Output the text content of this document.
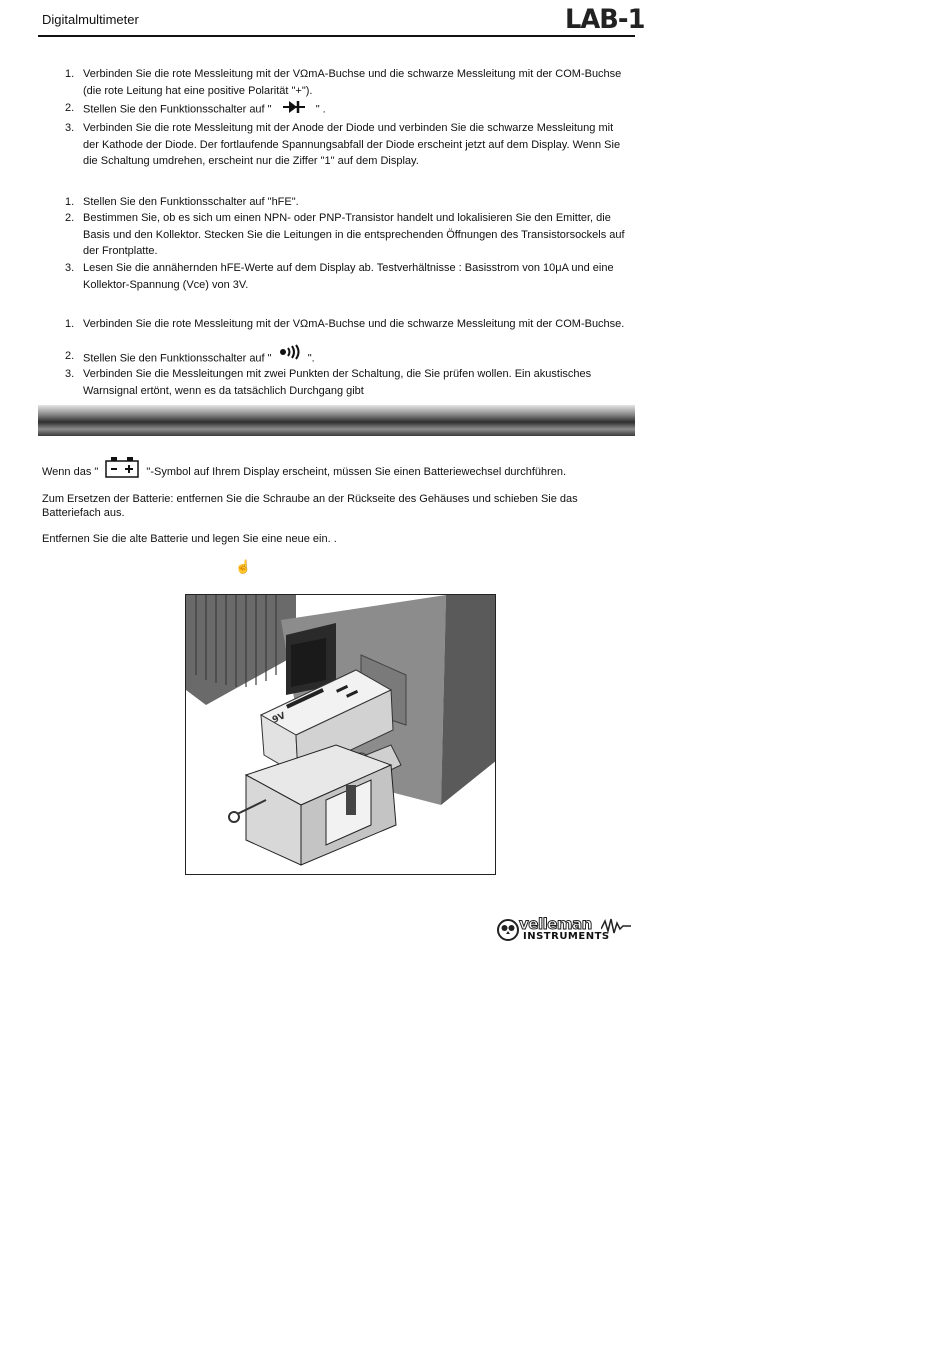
Digitalmultimeter	LAB-1
1. Verbinden Sie die rote Messleitung mit der VΩmA-Buchse und die schwarze Messleitung mit der COM-Buchse (die rote Leitung hat eine positive Polarität "+").
2. Stellen Sie den Funktionsschalter auf "	" .
3. Verbinden Sie die rote Messleitung mit der Anode der Diode und verbinden Sie die schwarze Messleitung mit der Kathode der Diode. Der fortlaufende Spannungsabfall der Diode erscheint jetzt auf dem Display. Wenn Sie die Schaltung umdrehen, erscheint nur die Ziffer "1" auf dem Display.
1. Stellen Sie den Funktionsschalter auf "hFE".
2. Bestimmen Sie, ob es sich um einen NPN- oder PNP-Transistor handelt und lokalisieren Sie den Emitter, die Basis und den Kollektor. Stecken Sie die Leitungen in die entsprechenden Öffnungen des Transistorsockels auf der Frontplatte.
3. Lesen Sie die annähernden hFE-Werte auf dem Display ab. Testverhältnisse : Basisstrom von 10μA und eine Kollektor-Spannung (Vce) von 3V.
1. Verbinden Sie die rote Messleitung mit der VΩmA-Buchse und die schwarze Messleitung mit der COM-Buchse.
2. Stellen Sie den Funktionsschalter auf "	".
3. Verbinden Sie die Messleitungen mit zwei Punkten der Schaltung, die Sie prüfen wollen. Ein akustisches Warnsignal ertönt, wenn es da tatsächlich Durchgang gibt
Wenn das "	"-Symbol auf Ihrem Display erscheint, müssen Sie einen Batteriewechsel durchführen.
Zum Ersetzen der Batterie: entfernen Sie die Schraube an der Rückseite des Gehäuses und schieben Sie das Batteriefach aus.
Entfernen Sie die alte Batterie und legen Sie eine neue ein. .
☝
9V
velleman
INSTRUMENTS
